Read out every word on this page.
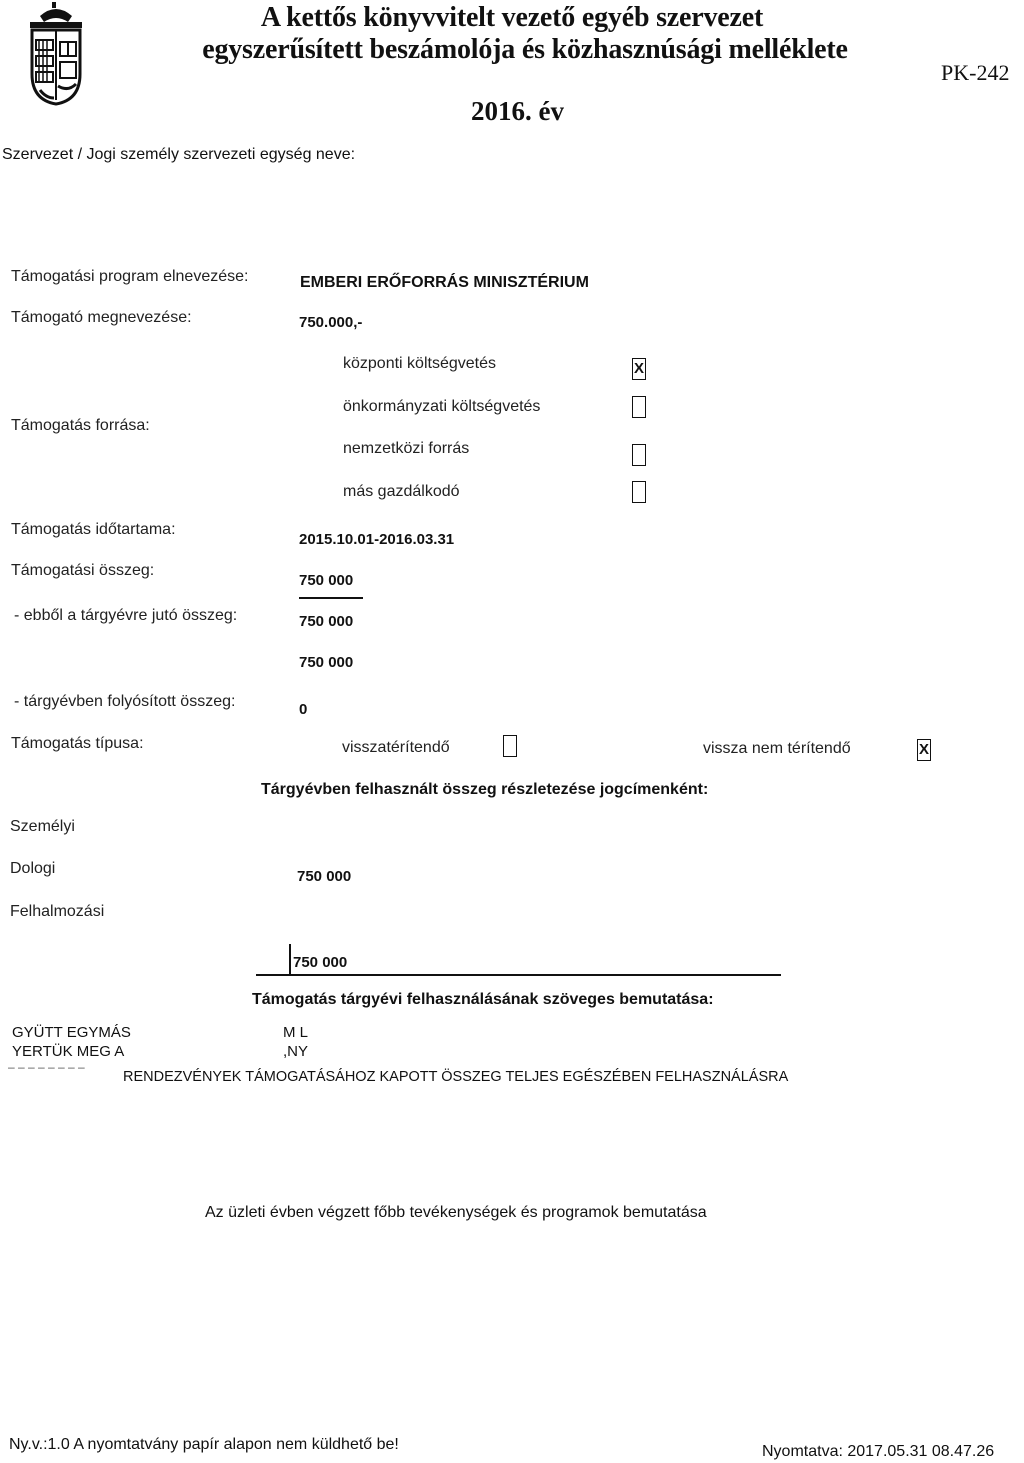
A kettős könyvvitelt vezető egyéb szervezet
egyszerűsített beszámolója és közhasznúsági melléklete
2016. év
PK-242
Szervezet / Jogi személy szervezeti egység neve:
Támogatási program elnevezése:	EMBERI ERŐFORRÁS MINISZTÉRIUM
Támogató megnevezése:	750.000,-
Támogatás forrása:
központi költségvetés	X
önkormányzati költségvetés
nemzetközi forrás
más gazdálkodó
Támogatás időtartama:
2015.10.01-2016.03.31
Támogatási összeg:
750 000
- ebből a tárgyévre jutó összeg:	750 000
750 000
- tárgyévben folyósított összeg:	0
Támogatás típusa:	visszatérítendő	vissza nem térítendő	X
Tárgyévben felhasznált összeg részletezése jogcímenként:
Személyi
Dologi	750 000
Felhalmozási
750 000
Támogatás tárgyévi felhasználásának szöveges bemutatása:
GYÜTT EGYMÁS	M L
YERTÜK MEG A	,NY
– – – – – – – –
RENDEZVÉNYEK TÁMOGATÁSÁHOZ KAPOTT ÖSSZEG TELJES EGÉSZÉBEN FELHASZNÁLÁSRA
Az üzleti évben végzett főbb tevékenységek és programok bemutatása
Ny.v.:1.0 A nyomtatvány papír alapon nem küldhető be!	Nyomtatva: 2017.05.31 08.47.26
